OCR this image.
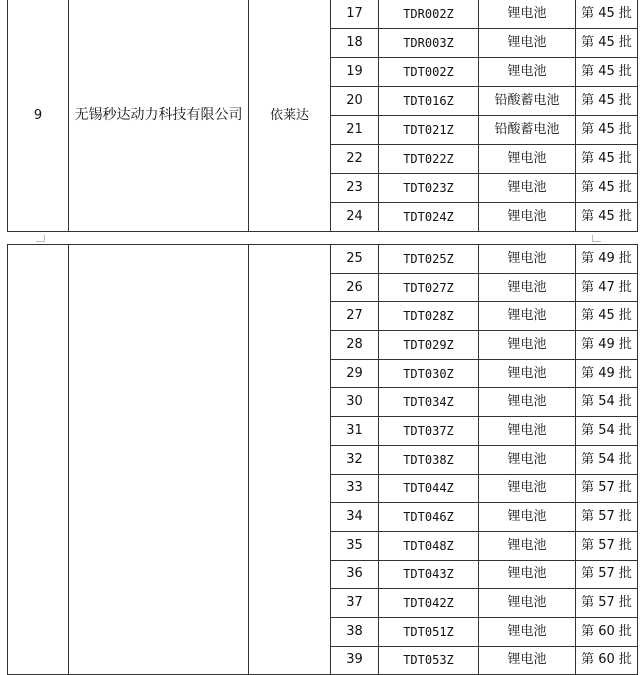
9	无锡秒达动力科技有限公司	依莱达	17	TDR002Z	锂电池	第 45 批
			18	TDR003Z	锂电池	第 45 批
			19	TDT002Z	锂电池	第 45 批
			20	TDT016Z	铅酸蓄电池	第 45 批
			21	TDT021Z	铅酸蓄电池	第 45 批
			22	TDT022Z	锂电池	第 45 批
			23	TDT023Z	锂电池	第 45 批
			24	TDT024Z	锂电池	第 45 批
			25	TDT025Z	锂电池	第 49 批
			26	TDT027Z	锂电池	第 47 批
			27	TDT028Z	锂电池	第 45 批
			28	TDT029Z	锂电池	第 49 批
			29	TDT030Z	锂电池	第 49 批
			30	TDT034Z	锂电池	第 54 批
			31	TDT037Z	锂电池	第 54 批
			32	TDT038Z	锂电池	第 54 批
			33	TDT044Z	锂电池	第 57 批
			34	TDT046Z	锂电池	第 57 批
			35	TDT048Z	锂电池	第 57 批
			36	TDT043Z	锂电池	第 57 批
			37	TDT042Z	锂电池	第 57 批
			38	TDT051Z	锂电池	第 60 批
			39	TDT053Z	锂电池	第 60 批
